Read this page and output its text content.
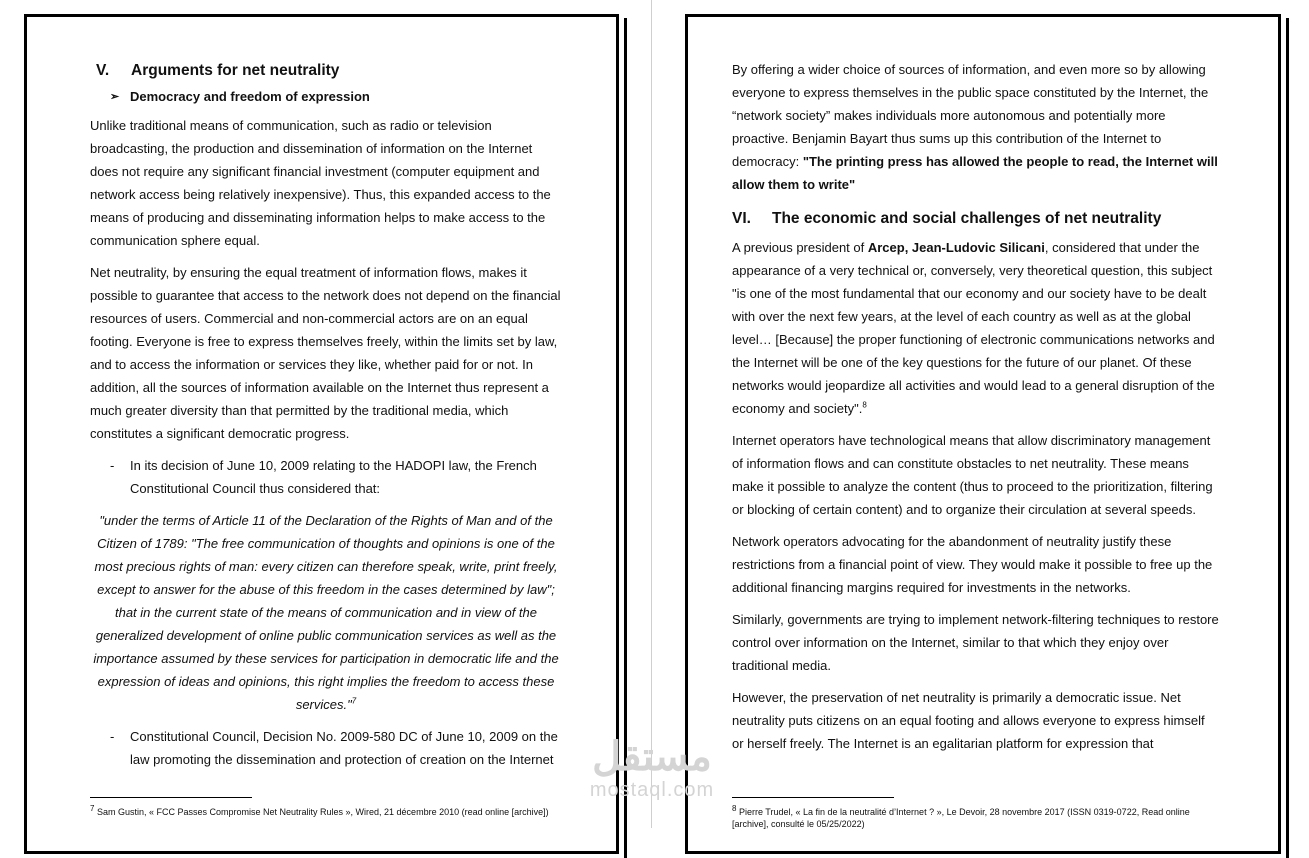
V.	Arguments for net neutrality
➢ Democracy and freedom of expression

Unlike traditional means of communication, such as radio or television broadcasting, the production and dissemination of information on the Internet does not require any significant financial investment (computer equipment and network access being relatively inexpensive). Thus, this expanded access to the means of producing and disseminating information helps to make access to the communication sphere equal.

Net neutrality, by ensuring the equal treatment of information flows, makes it possible to guarantee that access to the network does not depend on the financial resources of users. Commercial and non-commercial actors are on an equal footing. Everyone is free to express themselves freely, within the limits set by law, and to access the information or services they like, whether paid for or not. In addition, all the sources of information available on the Internet thus represent a much greater diversity than that permitted by the traditional media, which constitutes a significant democratic progress.

-	In its decision of June 10, 2009 relating to the HADOPI law, the French Constitutional Council thus considered that:
"under the terms of Article 11 of the Declaration of the Rights of Man and of the Citizen of 1789: "The free communication of thoughts and opinions is one of the most precious rights of man: every citizen can therefore speak, write, print freely, except to answer for the abuse of this freedom in the cases determined by law"; that in the current state of the means of communication and in view of the generalized development of online public communication services as well as the importance assumed by these services for participation in democratic life and the expression of ideas and opinions, this right implies the freedom to access these services."$^7$
-	Constitutional Council, Decision No. 2009-580 DC of June 10, 2009 on the law promoting the dissemination and protection of creation on the Internet

By offering a wider choice of sources of information, and even more so by allowing everyone to express themselves in the public space constituted by the Internet, the “network society” makes individuals more autonomous and potentially more proactive. Benjamin Bayart thus sums up this contribution of the Internet to democracy: "The printing press has allowed the people to read, the Internet will allow them to write"

VI.	The economic and social challenges of net neutrality

A previous president of Arcep, Jean-Ludovic Silicani, considered that under the appearance of a very technical or, conversely, very theoretical question, this subject "is one of the most fundamental that our economy and our society have to be dealt with over the next few years, at the level of each country as well as at the global level… [Because] the proper functioning of electronic communications networks and the Internet will be one of the key questions for the future of our planet. Of these networks would jeopardize all activities and would lead to a general disruption of the economy and society".$^8$

Internet operators have technological means that allow discriminatory management of information flows and can constitute obstacles to net neutrality. These means make it possible to analyze the content (thus to proceed to the prioritization, filtering or blocking of certain content) and to organize their circulation at several speeds.

Network operators advocating for the abandonment of neutrality justify these restrictions from a financial point of view. They would make it possible to free up the additional financing margins required for investments in the networks.

Similarly, governments are trying to implement network-filtering techniques to restore control over information on the Internet, similar to that which they enjoy over traditional media.

However, the preservation of net neutrality is primarily a democratic issue. Net neutrality puts citizens on an equal footing and allows everyone to express himself or herself freely. The Internet is an egalitarian platform for expression that

$^7$ Sam Gustin, « FCC Passes Compromise Net Neutrality Rules », Wired, 21 décembre 2010 (read online [archive])	$^8$ Pierre Trudel, « La fin de la neutralité d’Internet ? », Le Devoir, 28 novembre 2017 (ISSN 0319-0722, Read online [archive], consulté le 05/25/2022)
مستقل
mostaql.com
